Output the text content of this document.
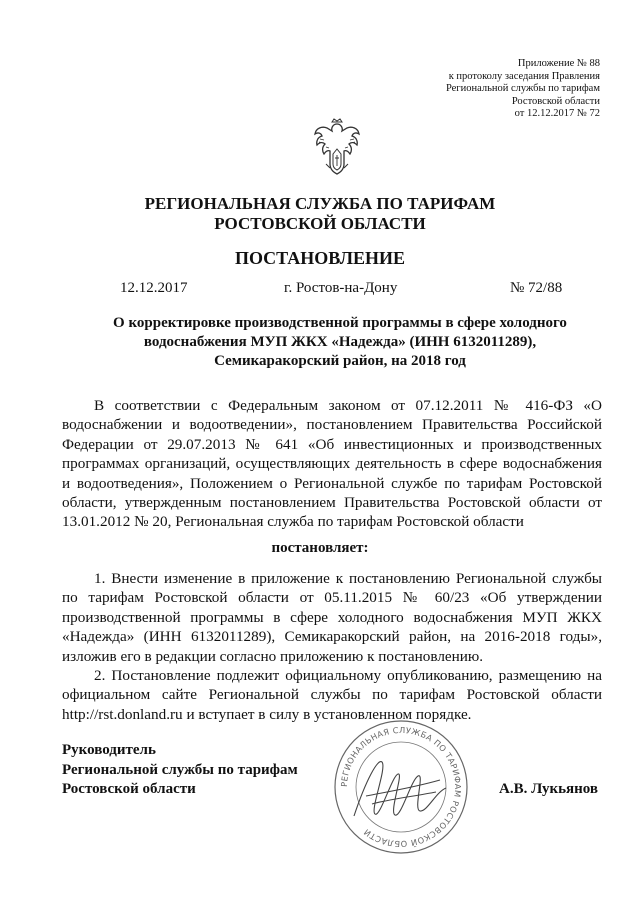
Приложение № 88
к протоколу заседания Правления
Региональной службы по тарифам
Ростовской области
от 12.12.2017 № 72
РЕГИОНАЛЬНАЯ СЛУЖБА ПО ТАРИФАМ
РОСТОВСКОЙ ОБЛАСТИ
ПОСТАНОВЛЕНИЕ
12.12.2017	г. Ростов-на-Дону	№ 72/88
О корректировке производственной программы в сфере холодного
водоснабжения МУП ЖКХ «Надежда» (ИНН 6132011289),
Семикаракорский район, на 2018 год

В соответствии с Федеральным законом от 07.12.2011 № 416-ФЗ «О водоснабжении и водоотведении», постановлением Правительства Российской Федерации от 29.07.2013 № 641 «Об инвестиционных и производственных программах организаций, осуществляющих деятельность в сфере водоснабжения и водоотведения», Положением о Региональной службе по тарифам Ростовской области, утвержденным постановлением Правительства Ростовской области от 13.01.2012 № 20, Региональная служба по тарифам Ростовской области

постановляет:

1. Внести изменение в приложение к постановлению Региональной службы по тарифам Ростовской области от 05.11.2015 № 60/23 «Об утверждении производственной программы в сфере холодного водоснабжения МУП ЖКХ «Надежда» (ИНН 6132011289), Семикаракорский район, на 2016-2018 годы», изложив его в редакции согласно приложению к постановлению.

2. Постановление подлежит официальному опубликованию, размещению на официальном сайте Региональной службы по тарифам Ростовской области http://rst.donland.ru и вступает в силу в установленном порядке.

РЕГИОНАЛЬНАЯ СЛУЖБА ПО ТАРИФАМ РОСТОВСКОЙ ОБЛАСТИ
Руководитель
Региональной службы по тарифам
Ростовской области	А.В. Лукьянов
